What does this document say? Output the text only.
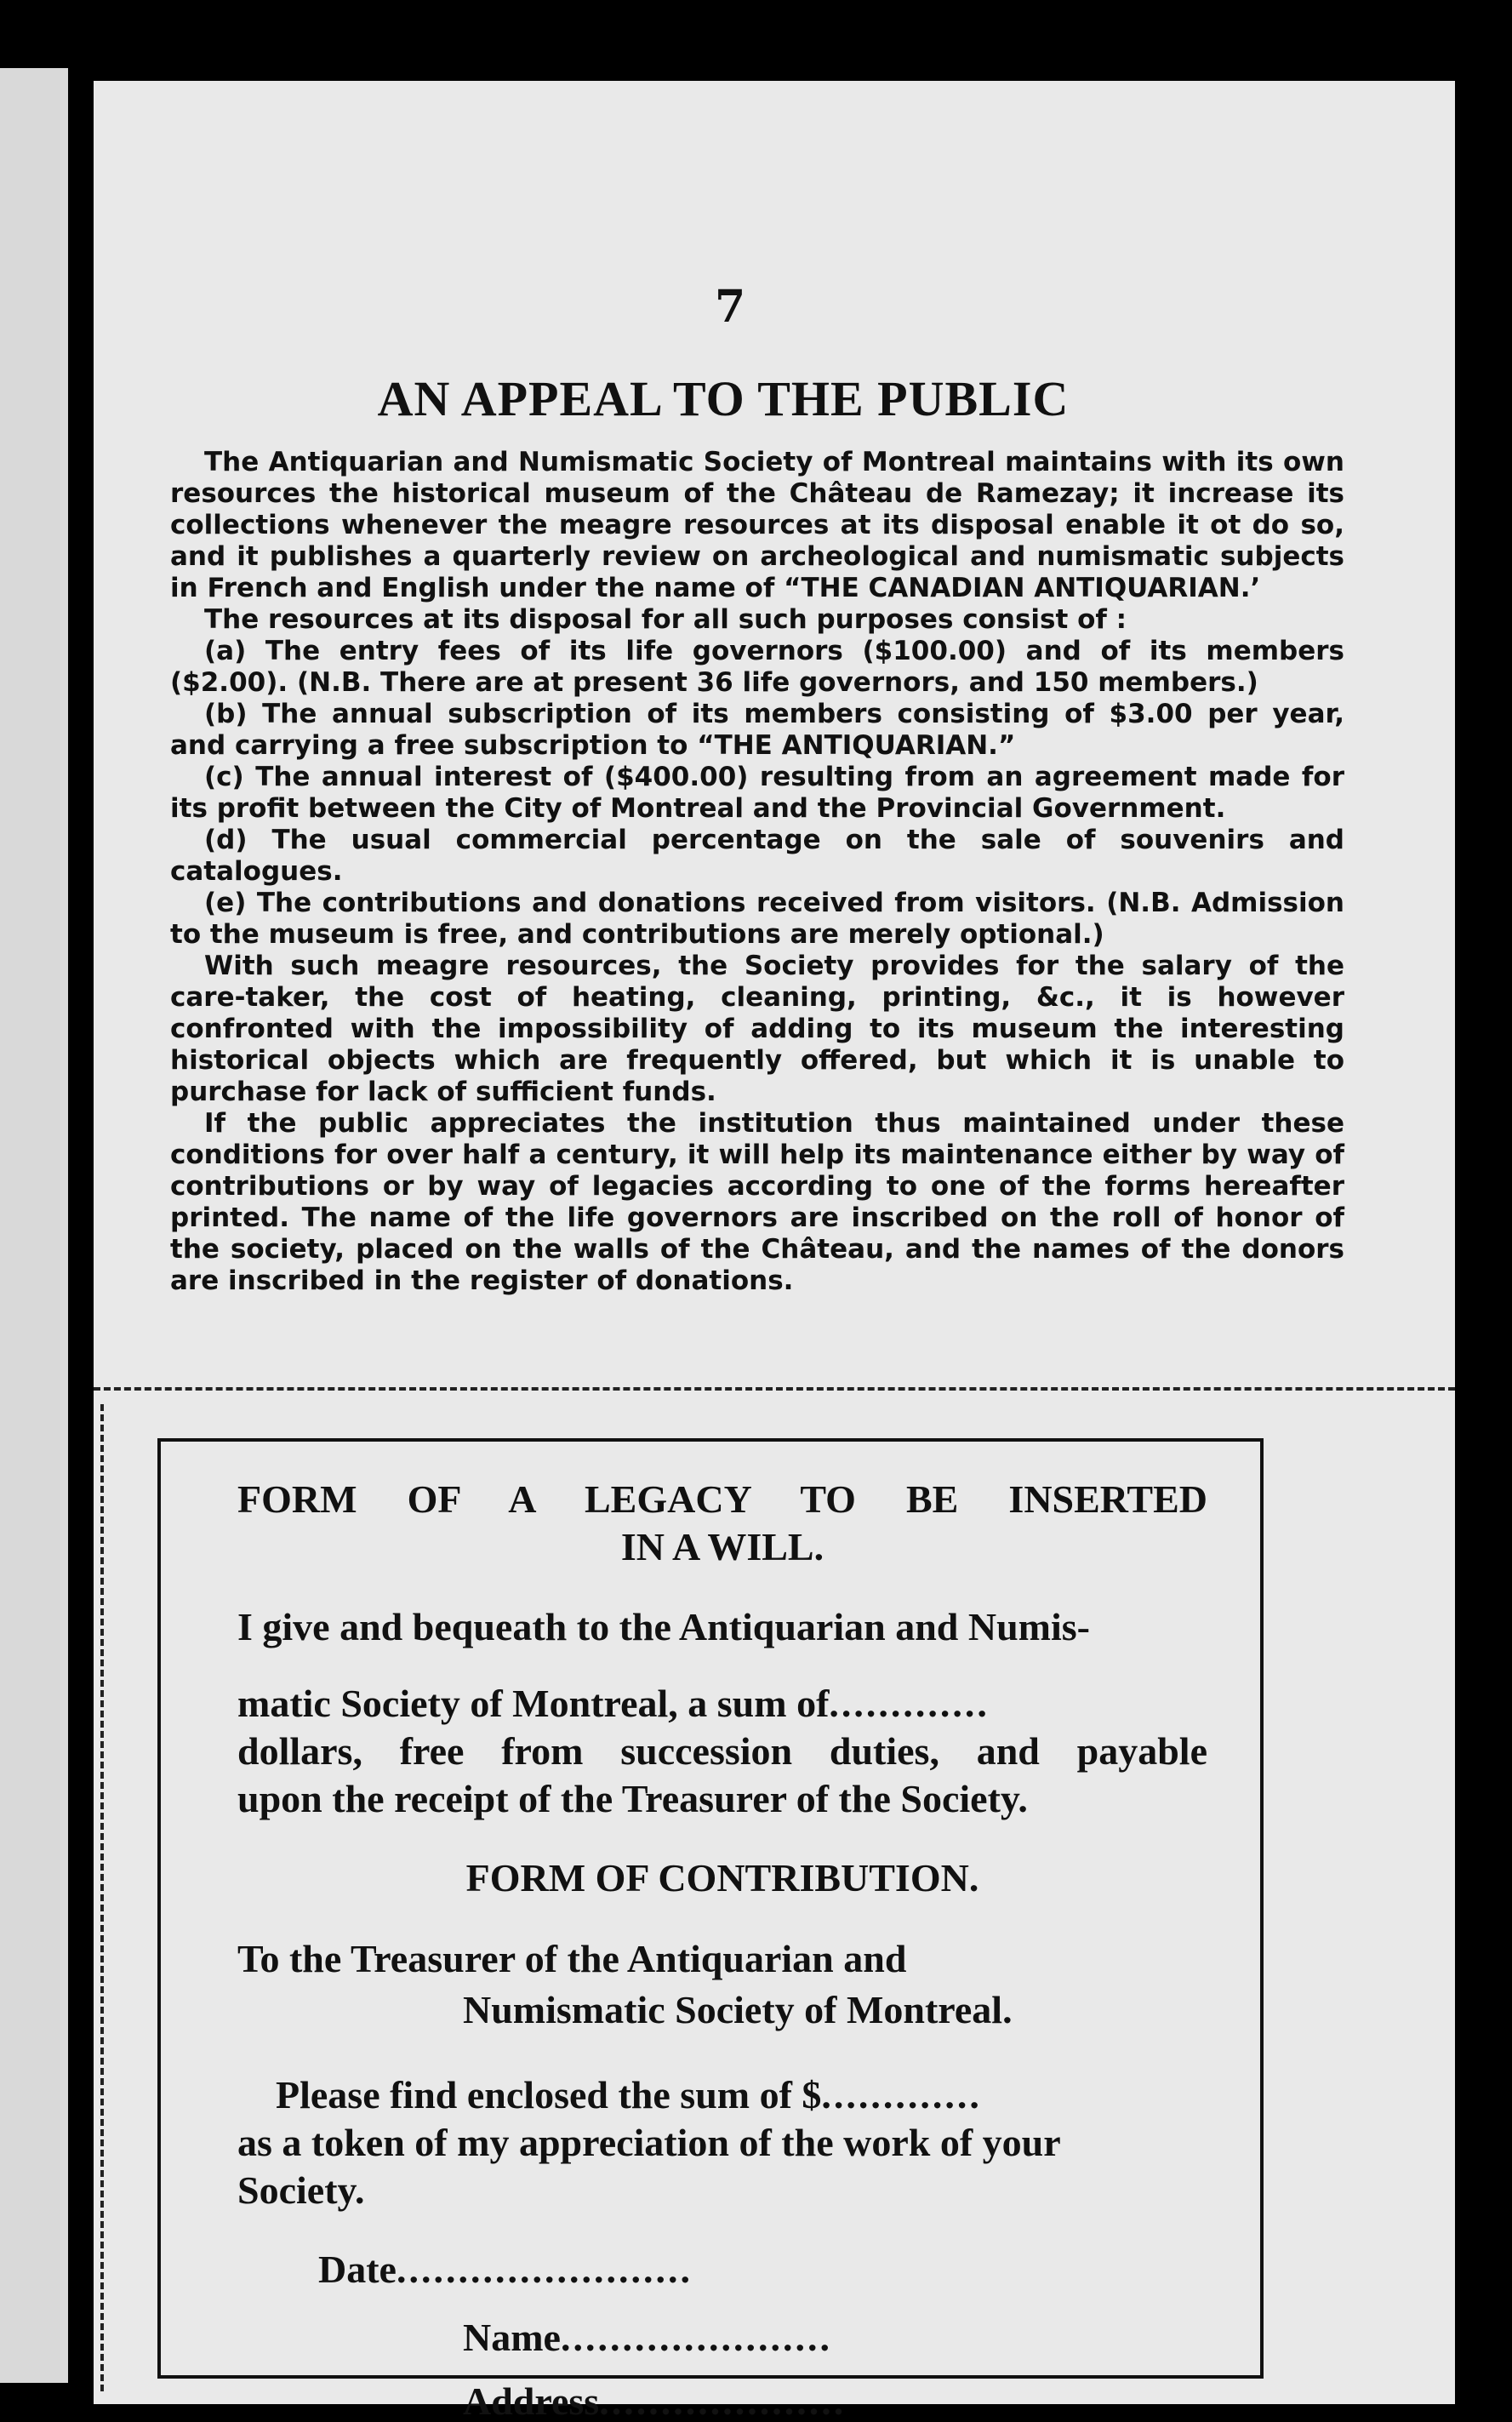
7
AN APPEAL TO THE PUBLIC

The Antiquarian and Numismatic Society of Montreal maintains with its own resources the historical museum of the Château de Ramezay; it increase its collections whenever the meagre resources at its disposal enable it ot do so, and it publishes a quarterly review on archeological and numismatic subjects in French and English under the name of “THE CANADIAN ANTIQUARIAN.’

The resources at its disposal for all such purposes consist of :

(a) The entry fees of its life governors ($100.00) and of its members ($2.00). (N.B. There are at present 36 life governors, and 150 members.)

(b) The annual subscription of its members consisting of $3.00 per year, and carrying a free subscription to “THE ANTIQUARIAN.”

(c) The annual interest of ($400.00) resulting from an agreement made for its profit between the City of Montreal and the Provincial Government.

(d) The usual commercial percentage on the sale of souvenirs and catalogues.

(e) The contributions and donations received from visitors. (N.B. Admission to the museum is free, and contributions are merely optional.)

With such meagre resources, the Society provides for the salary of the care-taker, the cost of heating, cleaning, printing, &c., it is however confronted with the impossibility of adding to its museum the interesting historical objects which are frequently offered, but which it is unable to purchase for lack of sufficient funds.

If the public appreciates the institution thus maintained under these conditions for over half a century, it will help its maintenance either by way of contributions or by way of legacies according to one of the forms hereafter printed. The name of the life governors are inscribed on the roll of honor of the society, placed on the walls of the Château, and the names of the donors are inscribed in the register of donations.

FORM OF A LEGACY TO BE INSERTED
IN A WILL.
I give and bequeath to the Antiquarian and Numis-
matic Society of Montreal, a sum of.............
dollars, free from succession duties, and payable
upon the receipt of the Treasurer of the Society.
FORM OF CONTRIBUTION.
To the Treasurer of the Antiquarian and
Numismatic Society of Montreal.
Please find enclosed the sum of $.............
as a token of my appreciation of the work of your
Society.
Date........................
Name......................
Address....................
